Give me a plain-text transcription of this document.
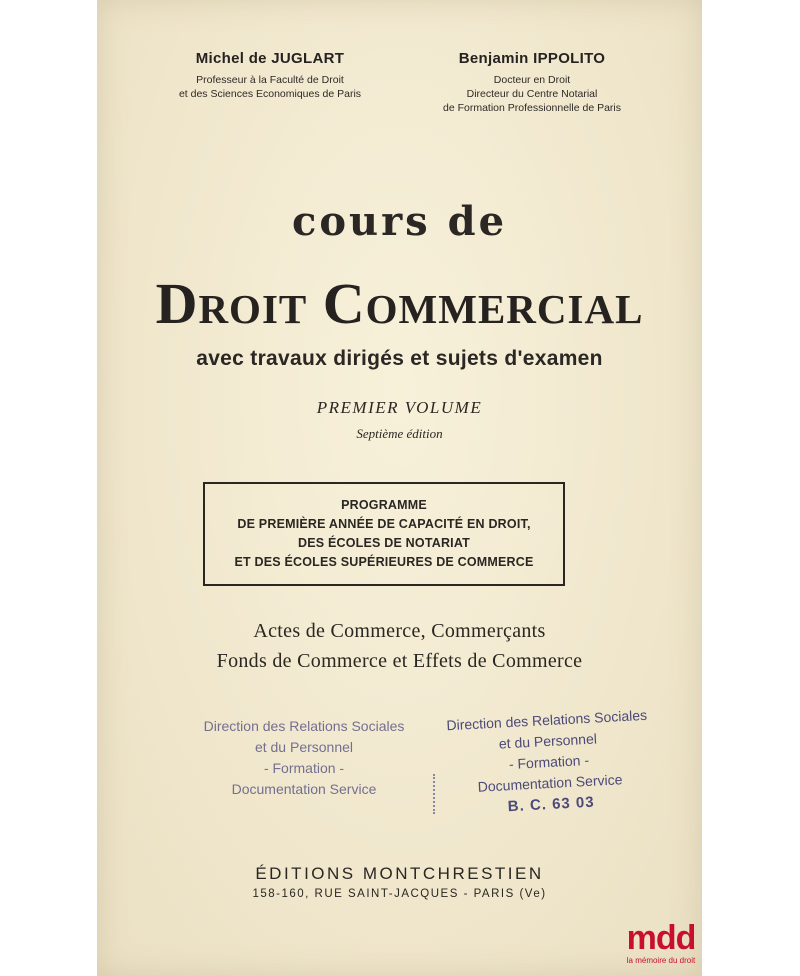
Michel de JUGLART
Professeur à la Faculté de Droit
et des Sciences Economiques de Paris
Benjamin IPPOLITO
Docteur en Droit
Directeur du Centre Notarial
de Formation Professionnelle de Paris
cours de
Droit Commercial
avec travaux dirigés et sujets d'examen
PREMIER VOLUME
Septième édition
PROGRAMME
DE PREMIÈRE ANNÉE DE CAPACITÉ EN DROIT,
DES ÉCOLES DE NOTARIAT
ET DES ÉCOLES SUPÉRIEURES DE COMMERCE
Actes de Commerce, Commerçants
Fonds de Commerce et Effets de Commerce
Direction des Relations Sociales
et du Personnel
- Formation -
Documentation Service
Direction des Relations Sociales
et du Personnel
- Formation -
Documentation Service
B. C. 63 03
ÉDITIONS MONTCHRESTIEN
158-160, RUE SAINT-JACQUES - PARIS (Ve)
mdd
la mémoire du droit
